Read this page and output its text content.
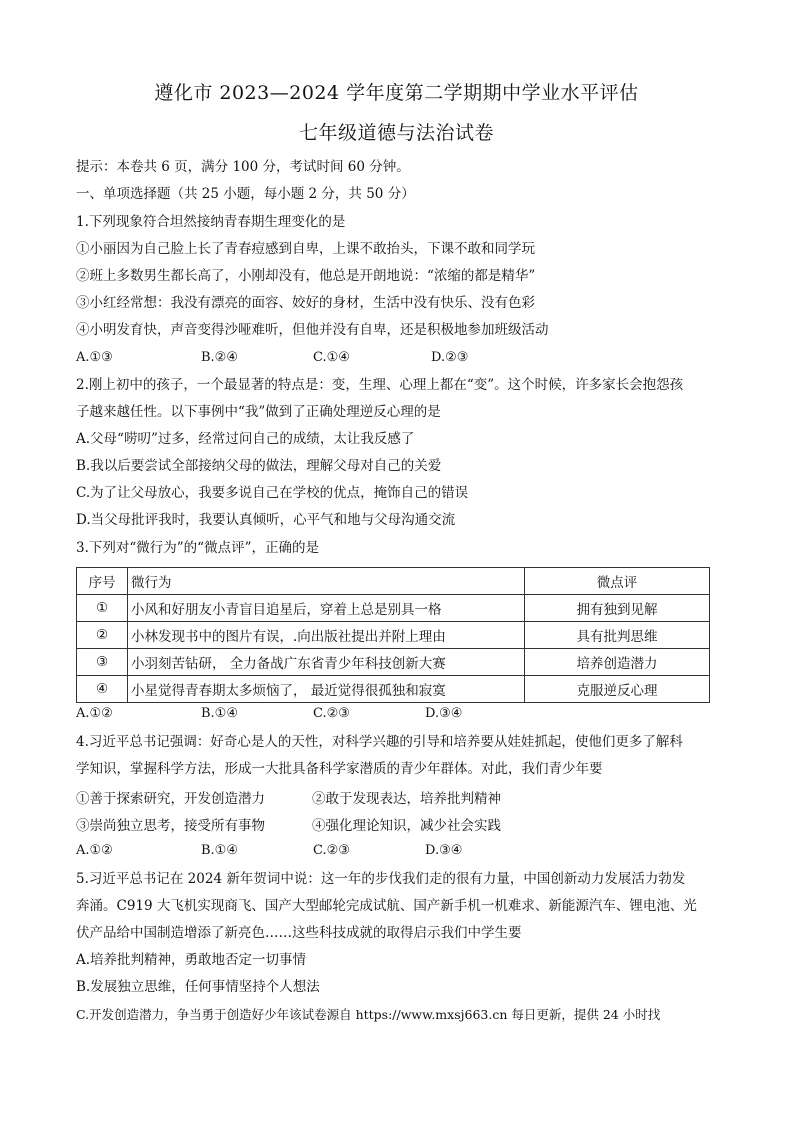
遵化市 2023—2024 学年度第二学期期中学业水平评估
七年级道德与法治试卷
提示：本卷共 6 页，满分 100 分，考试时间 60 分钟。
一、单项选择题（共 25 小题，每小题 2 分，共 50 分）
1.下列现象符合坦然接纳青春期生理变化的是
①小丽因为自己脸上长了青春痘感到自卑，上课不敢抬头，下课不敢和同学玩
②班上多数男生都长高了，小刚却没有，他总是开朗地说：“浓缩的都是精华”
③小红经常想：我没有漂亮的面容、姣好的身材，生活中没有快乐、没有色彩
④小明发育快，声音变得沙哑难听，但他并没有自卑，还是积极地参加班级活动
A.①③	B.②④	C.①④	D.②③
2.刚上初中的孩子，一个最显著的特点是：变，生理、心理上都在“变”。这个时候，许多家长会抱怨孩
子越来越任性。以下事例中“我”做到了正确处理逆反心理的是
A.父母“唠叨”过多，经常过问自己的成绩，太让我反感了
B.我以后要尝试全部接纳父母的做法，理解父母对自己的关爱
C.为了让父母放心，我要多说自己在学校的优点，掩饰自己的错误
D.当父母批评我时，我要认真倾听，心平气和地与父母沟通交流
3.下列对“微行为”的“微点评”，正确的是
序号	微行为	微点评
①	小风和好朋友小青盲目追星后，穿着上总是别具一格	拥有独到见解
②	小林发现书中的图片有误，.向出版社提出并附上理由	具有批判思维
③	小羽刻苦钻研， 全力备战广东省青少年科技创新大赛	培养创造潜力
④	小星觉得青春期太多烦恼了， 最近觉得很孤独和寂寞	克服逆反心理
A.①②	B.①④	C.②③	D.③④
4.习近平总书记强调：好奇心是人的天性，对科学兴趣的引导和培养要从娃娃抓起，使他们更多了解科
学知识，掌握科学方法，形成一大批具备科学家潜质的青少年群体。对此，我们青少年要
①善于探索研究，开发创造潜力	②敢于发现表达，培养批判精神
③崇尚独立思考，接受所有事物	④强化理论知识，减少社会实践
A.①②	B.①④	C.②③	D.③④
5.习近平总书记在 2024 新年贺词中说：这一年的步伐我们走的很有力量，中国创新动力发展活力勃发
奔涌。C919 大飞机实现商飞、国产大型邮轮完成试航、国产新手机一机难求、新能源汽车、锂电池、光
伏产品给中国制造增添了新亮色……这些科技成就的取得启示我们中学生要
A.培养批判精神，勇敢地否定一切事情
B.发展独立思维，任何事情坚持个人想法
C.开发创造潜力，争当勇于创造好少年该试卷源自 https://www.mxsj663.cn 每日更新，提供 24 小时找
